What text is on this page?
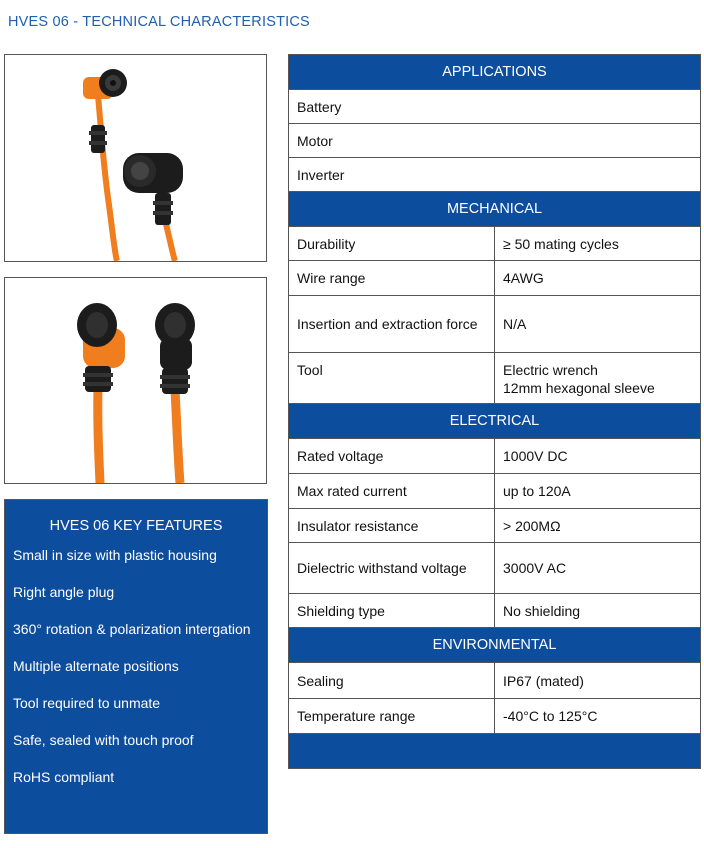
HVES 06 - TECHNICAL CHARACTERISTICS
HVES 06 KEY FEATURES
Small in size with plastic housing
Right angle plug
360° rotation & polarization intergation
Multiple alternate positions
Tool required to unmate
Safe, sealed with touch proof
RoHS compliant
APPLICATIONS	
Battery	
Motor	
Inverter	
MECHANICAL	
Durability	≥ 50 mating cycles
Wire range	4AWG
Insertion and extraction force	N/A
Tool	Electric wrench
12mm hexagonal sleeve

ELECTRICAL	
Rated voltage	1000V DC
Max rated current	up to 120A
Insulator resistance	> 200MΩ
Dielectric withstand voltage	3000V AC
Shielding type	No shielding
ENVIRONMENTAL	
Sealing	IP67 (mated)
Temperature range	-40°C to 125°C
